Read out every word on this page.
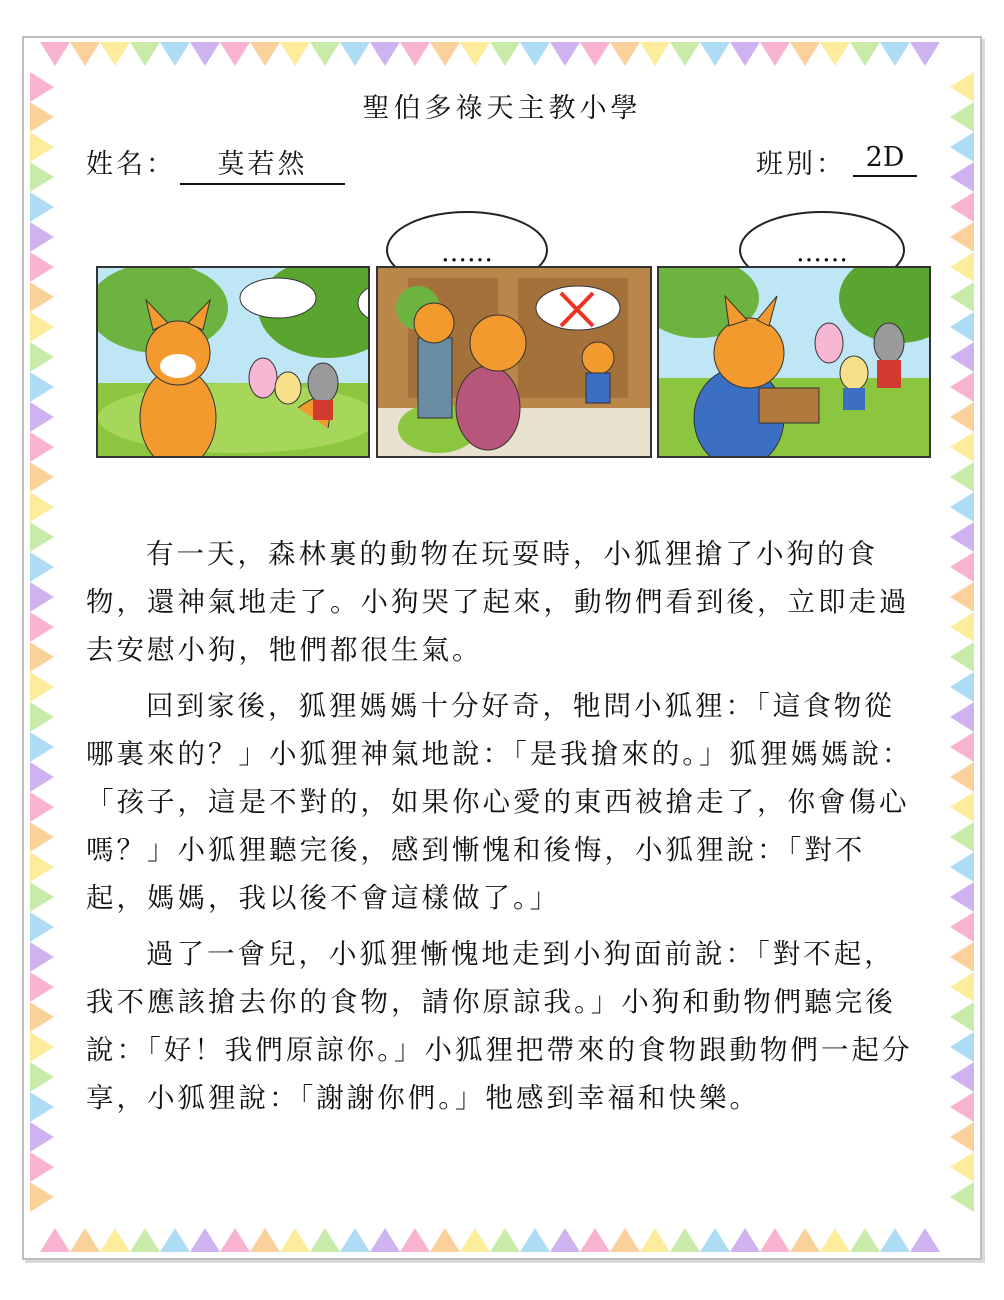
聖伯多祿天主教小學
姓名：	莫若然	班別： 2D
……	……

有一天，森林裏的動物在玩耍時，小狐狸搶了小狗的食物，還神氣地走了。小狗哭了起來，動物們看到後，立即走過去安慰小狗，牠們都很生氣。

回到家後，狐狸媽媽十分好奇，牠問小狐狸：「這食物從哪裏來的？」小狐狸神氣地說：「是我搶來的。」狐狸媽媽說：「孩子，這是不對的，如果你心愛的東西被搶走了，你會傷心嗎？」小狐狸聽完後，感到慚愧和後悔，小狐狸說：「對不起，媽媽，我以後不會這樣做了。」

過了一會兒，小狐狸慚愧地走到小狗面前說：「對不起，我不應該搶去你的食物，請你原諒我。」小狗和動物們聽完後說：「好！我們原諒你。」小狐狸把帶來的食物跟動物們一起分享，小狐狸說：「謝謝你們。」牠感到幸福和快樂。
